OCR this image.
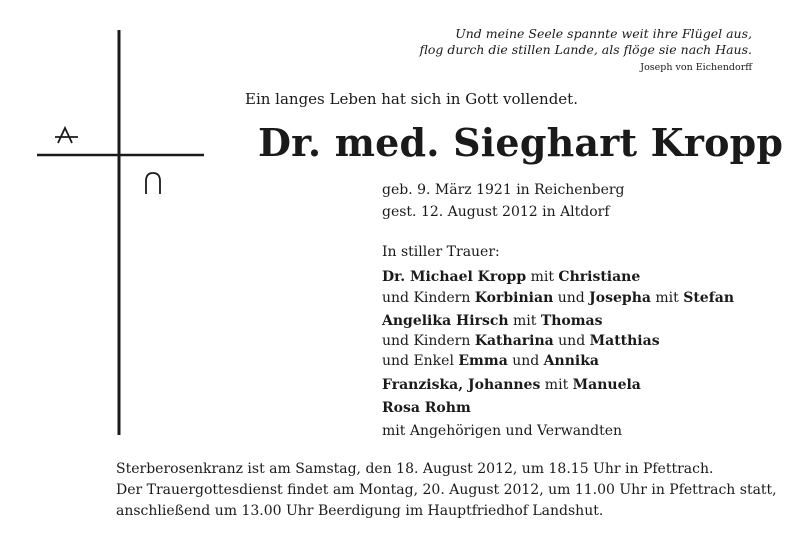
Und meine Seele spannte weit ihre Flügel aus,
flog durch die stillen Lande, als flöge sie nach Haus.
Joseph von Eichendorff
Ein langes Leben hat sich in Gott vollendet.
Dr. med. Sieghart Kropp
geb. 9. März 1921 in Reichenberg
gest. 12. August 2012 in Altdorf
In stiller Trauer:
Dr. Michael Kropp mit Christiane
und Kindern Korbinian und Josepha mit Stefan
Angelika Hirsch mit Thomas
und Kindern Katharina und Matthias
und Enkel Emma und Annika
Franziska, Johannes mit Manuela
Rosa Rohm
mit Angehörigen und Verwandten
Sterberosenkranz ist am Samstag, den 18. August 2012, um 18.15 Uhr in Pfettrach.
Der Trauergottesdienst findet am Montag, 20. August 2012, um 11.00 Uhr in Pfettrach statt,
anschließend um 13.00 Uhr Beerdigung im Hauptfriedhof Landshut.
